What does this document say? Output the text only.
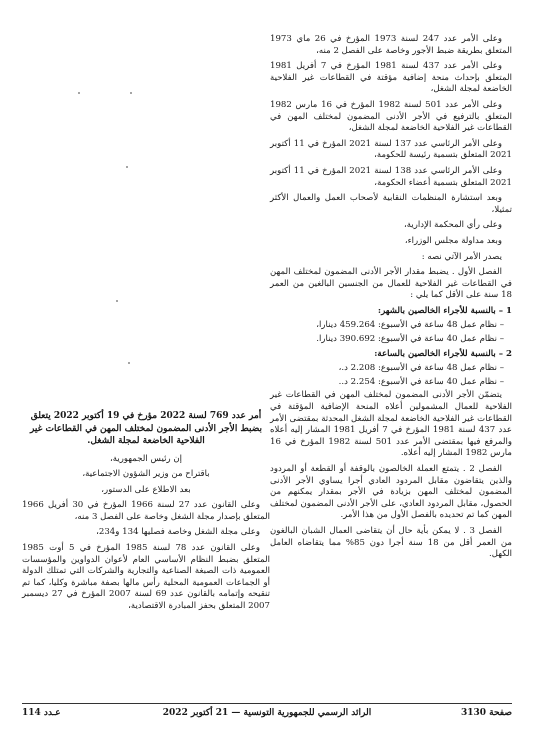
وعلى الأمر عدد 247 لسنة 1973 المؤرخ في 26 ماي 1973 المتعلق بطريقة ضبط الأجور وخاصة على الفصل 2 منه،

وعلى الأمر عدد 437 لسنة 1981 المؤرخ في 7 أفريل 1981 المتعلق بإحداث منحة إضافية مؤقتة في القطاعات غير الفلاحية الخاضعة لمجلة الشغل،

وعلى الأمر عدد 501 لسنة 1982 المؤرخ في 16 مارس 1982 المتعلق بالترفيع في الأجر الأدنى المضمون لمختلف المهن في القطاعات غير الفلاحية الخاضعة لمجلة الشغل،

وعلى الأمر الرئاسي عدد 137 لسنة 2021 المؤرخ في 11 أكتوبر 2021 المتعلق بتسمية رئيسة للحكومة،

وعلى الأمر الرئاسي عدد 138 لسنة 2021 المؤرخ في 11 أكتوبر 2021 المتعلق بتسمية أعضاء الحكومة،

وبعد استشارة المنظمات النقابية لأصحاب العمل والعمال الأكثر تمثيلا،

وعلى رأي المحكمة الإدارية،

وبعد مداولة مجلس الوزراء،

يصدر الأمر الآتي نصه :

الفصل الأول . يضبط مقدار الأجر الأدنى المضمون لمختلف المهن في القطاعات غير الفلاحية للعمال من الجنسين البالغين من العمر 18 سنة على الأقل كما يلي :

1 – بالنسبة للأجراء الخالصين بالشهر:

– نظام عمل 48 ساعة في الأسبوع: 459.264 دينارا،

– نظام عمل 40 ساعة في الأسبوع: 390.692 دينارا.

2 – بالنسبة للأجراء الخالصين بالساعة:

– نظام عمل 48 ساعة في الأسبوع: 2.208 د.،

– نظام عمل 40 ساعة في الأسبوع: 2.254 د..

يتضمّن الأجر الأدنى المضمون لمختلف المهن في القطاعات غير الفلاحية للعمال المشمولين أعلاه المنحة الإضافية المؤقتة في القطاعات غير الفلاحية الخاضعة لمجلة الشغل المحدثة بمقتضى الأمر عدد 437 لسنة 1981 المؤرخ في 7 أفريل 1981 المشار إليه أعلاه والمرفع فيها بمقتضى الأمر عدد 501 لسنة 1982 المؤرخ في 16 مارس 1982 المشار إليه أعلاه.

الفصل 2 . يتمتع العملة الخالصون بالوقفة أو القطعة أو المردود والذين يتقاضون مقابل المردود العادي أجرا يساوي الأجر الأدنى المضمون لمختلف المهن بزيادة في الأجر بمقدار يمكنهم من الحصول، مقابل المردود العادي، على الأجر الأدنى المضمون لمختلف المهن كما تم تحديده بالفصل الأول من هذا الأمر.

الفصل 3 . لا يمكن بأية حال أن يتقاضى العمال الشبان البالغون من العمر أقل من 18 سنة أجرا دون 85% مما يتقاضاه العامل الكهل.

أمر عدد 769 لسنة 2022 مؤرخ في 19 أكتوبر 2022 يتعلق بضبط الأجر الأدنى المضمون لمختلف المهن في القطاعات غير الفلاحية الخاضعة لمجلة الشغل.

إن رئيس الجمهورية،

باقتراح من وزير الشؤون الاجتماعية،

بعد الاطلاع على الدستور،

وعلى القانون عدد 27 لسنة 1966 المؤرخ في 30 أفريل 1966 المتعلق بإصدار مجلة الشغل وخاصة على الفصل 3 منه،

وعلى مجلة الشغل وخاصة فصليها 134 و234،

وعلى القانون عدد 78 لسنة 1985 المؤرخ في 5 أوت 1985 المتعلق بضبط النظام الأساسي العام لأعوان الدواوين والمؤسسات العمومية ذات الصبغة الصناعية والتجارية والشركات التي تمتلك الدولة أو الجماعات العمومية المحلية رأس مالها بصفة مباشرة وكليا، كما تم تنقيحه وإتمامه بالقانون عدد 69 لسنة 2007 المؤرخ في 27 ديسمبر 2007 المتعلق بحفز المبادرة الاقتصادية،

صفحة 3130
الرائد الرسمي للجمهورية التونسية — 21 أكتوبر 2022
عـدد 114
